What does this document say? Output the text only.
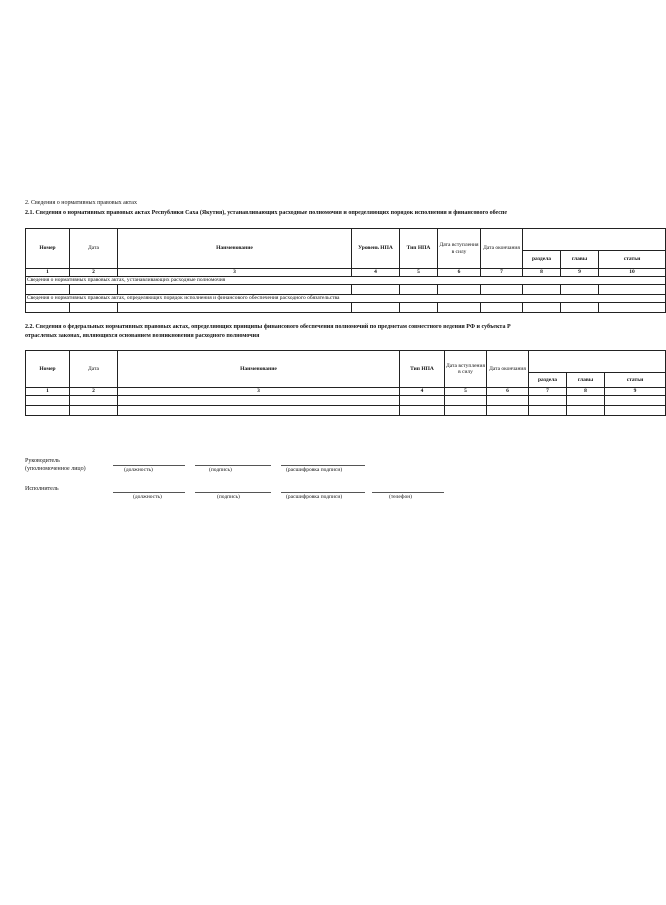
2. Сведения о нормативных правовых актах
2.1. Сведения о нормативных правовых актах Республики Саха (Якутия), устанавливающих расходные полномочия и определяющих порядок исполнения и финансового обеспе
Номер	Дата	Наименование	Уровень НПА	Тип НПА	Дата вступления в силу	Дата окончания			
							раздела	главы	статьи
1	2	3	4	5	6	7	8	9	10
Сведения о нормативных правовых актах, устанавливающих расходные полномочия									

Сведения о нормативных правовых актах, определяющих порядок исполнения и финансового обеспечения расходного обязательства									

2.2. Сведения о федеральных нормативных правовых актах, определяющих принципы финансового обеспечения полномочий по предметам совместного ведения РФ и субъекта Р
отраслевых законах, являющихся основанием возникновения расходного полномочия
Номер	Дата	Наименование	Тип НПА	Дата вступления в силу	Дата окончания			
						раздела	главы	статьи
1	2	3	4	5	6	7	8	9

Руководитель
(уполномоченное лицо)	(должность)	(подпись)	(расшифровка подписи)
Исполнитель
(должность)	(подпись)	(расшифровка подписи)	(телефон)
